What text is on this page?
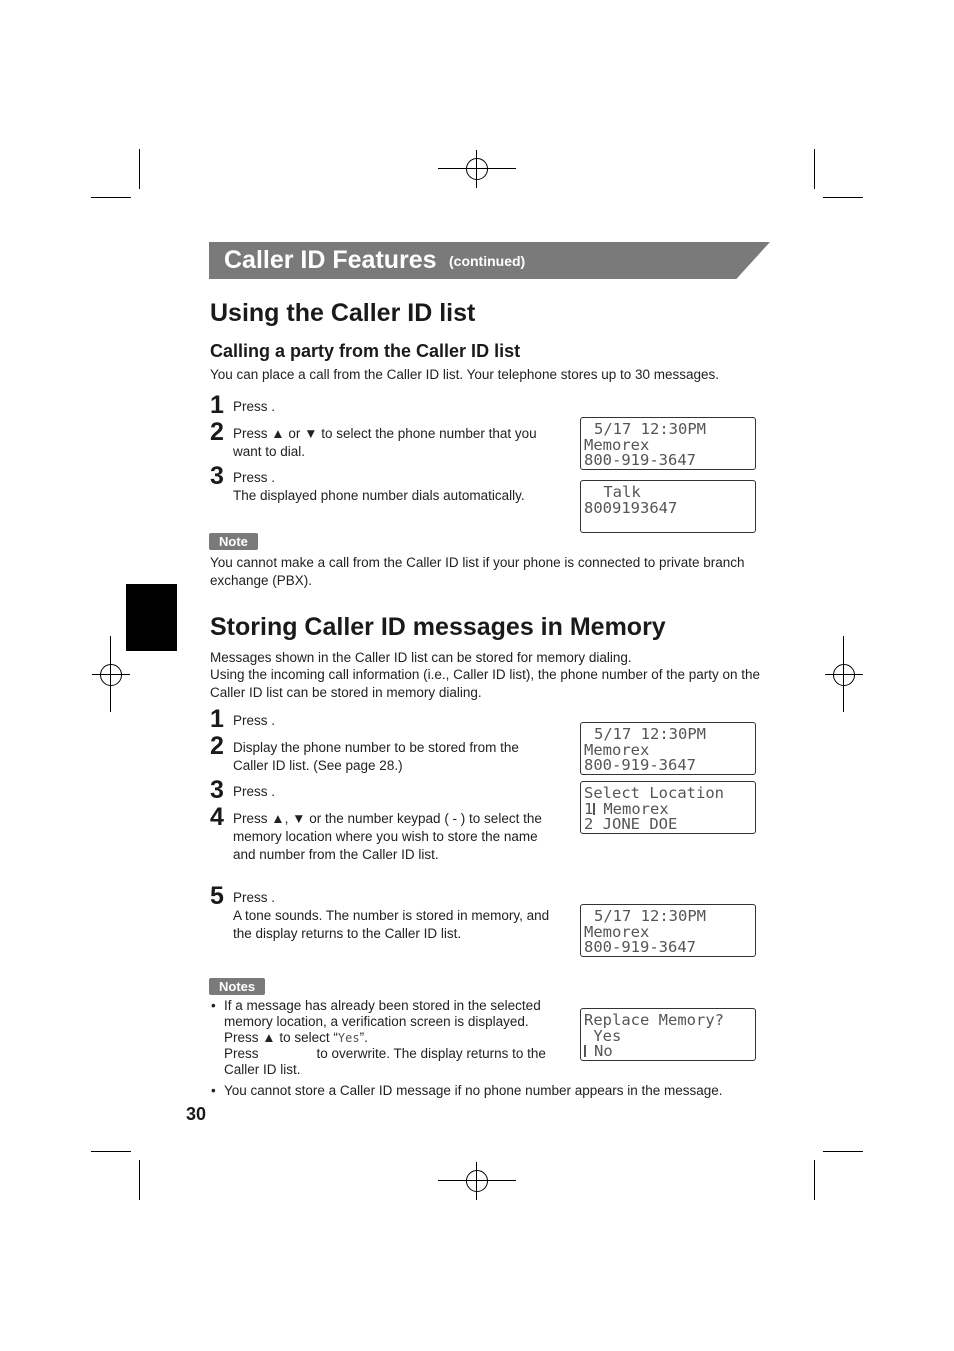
Caller ID Features (continued)
Using the Caller ID list
Calling a party from the Caller ID list
You can place a call from the Caller ID list. Your telephone stores up to 30 messages.
1 Press .
2 Press ▲ or ▼ to select the phone number that you want to dial.
3 Press .
The displayed phone number dials automatically.
5/17 12:30PM
Memorex
800-919-3647
Talk
8009193647
Note
You cannot make a call from the Caller ID list if your phone is connected to private branch exchange (PBX).
Storing Caller ID messages in Memory
Messages shown in the Caller ID list can be stored for memory dialing.
Using the incoming call information (i.e., Caller ID list), the phone number of the party on the Caller ID list can be stored in memory dialing.
1 Press .
2 Display the phone number to be stored from the Caller ID list. (See page 28.)
3 Press .
4 Press ▲, ▼ or the number keypad ( - ) to select the memory location where you wish to store the name and number from the Caller ID list.
5 Press .
A tone sounds. The number is stored in memory, and the display returns to the Caller ID list.
5/17 12:30PM
Memorex
800-919-3647
Select Location
1 Memorex
2 JONE DOE
5/17 12:30PM
Memorex
800-919-3647
Notes
• If a message has already been stored in the selected memory location, a verification screen is displayed. Press ▲ to select “Yes”.
Press	to overwrite. The display returns to the Caller ID list.
Replace Memory?
Yes
No
• You cannot store a Caller ID message if no phone number appears in the message.
30
